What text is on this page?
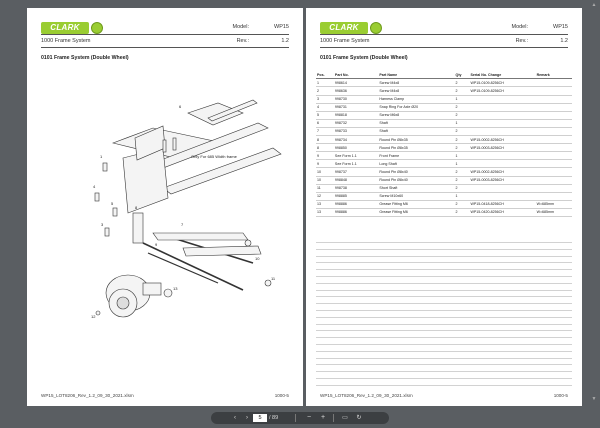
CLARK	Model:	WP15
1000 Frame System	Rev.:	1.2
0101 Frame System (Double Wheel)
Only For 685 Width frame
1
4
5
3
6
7
8
9
10
11
12
13
WP15_LOT8206_Rev_1.2_09_30_2021.xlsm	1000-5
CLARK	Model:	WP15
1000 Frame System	Rev.:	1.2
0101 Frame System (Double Wheel)
Pos.	Part No.	Part Name	Qty	Serial No. Change	Remark
1	998614	Screw M4x8	2	WP15-0109-8256CH	
2	998636	Screw M4x8	2	WP15-0109-8256CH	
3	998730	Harness Clamp	1		
4	998731	Snap Ring For Axle Ø20	2		
5	998818	Screw M6x8	2		
6	998732	Shaft	1		
7	998733	Shaft	2		
8	998734	Round Pin Ø8x35	2	WP15-0002-8256CH	
8	998850	Round Pin Ø8x35	2	WP15-0003-8256CH	
9	See Form 1.1	Front Frame	1		
9	See Form 1.1	Long Shaft	1		
10	998737	Round Pin Ø8x40	2	WP15-0002-8256CH	
10	998848	Round Pin Ø8x40	2	WP15-0003-8256CH	
11	998738	Short Shaft	2		
12	998885	Screw M10x60	1		
13	998886	Grease Fitting M6	2	WP15-0418-8256CH	W=685mm
13	998886	Grease Fitting M6	2	WP15-0420-8256CH	W=685mm
WP15_LOT8206_Rev_1.2_09_30_2021.xlsm	1000-5
▲
▼
‹	›	5	/ 89	−	+	▭	↻
